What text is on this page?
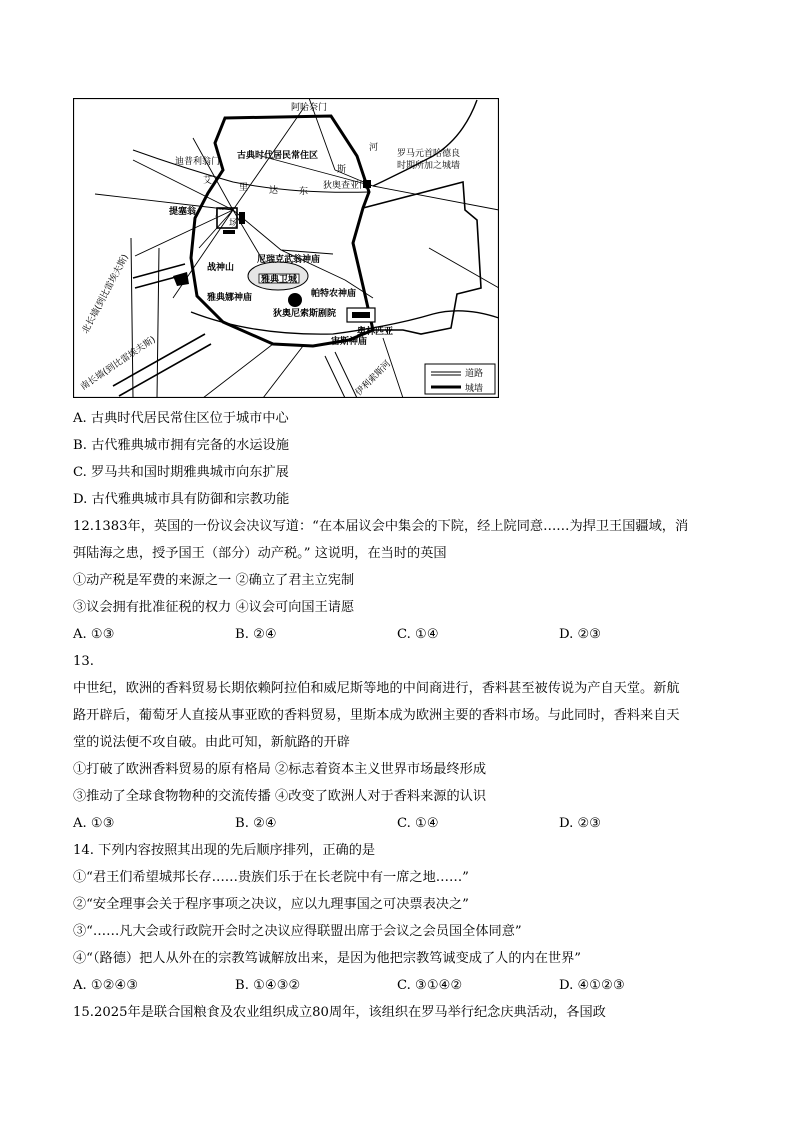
阿哈奈门
古典时代居民常住区
迪普利翁门
河
艾
里 达 东
斯
罗马元首哈德良
时期所加之城墙
狄奥查亚门
提塞翁 广
场
战神山
尼瑞克武翁神庙
雅典卫城
帕特农神庙
雅典娜神庙
狄奥尼索斯剧院
奥林匹亚
宙斯神庙
北长墙(到比雷埃夫斯)
南长墙(到比雷埃夫斯)	伊利索斯河	道路
城墙

A. 古典时代居民常住区位于城市中心

B. 古代雅典城市拥有完备的水运设施

C. 罗马共和国时期雅典城市向东扩展

D. 古代雅典城市具有防御和宗教功能

12.1383年，英国的一份议会决议写道：“在本届议会中集会的下院，经上院同意……为捍卫王国疆域，消

弭陆海之患，授予国王（部分）动产税。” 这说明，在当时的英国

①动产税是军费的来源之一 ②确立了君主立宪制

③议会拥有批准征税的权力 ④议会可向国王请愿

A. ①③	B. ②④	C. ①④	D. ②③

13.

中世纪，欧洲的香料贸易长期依赖阿拉伯和威尼斯等地的中间商进行，香料甚至被传说为产自天堂。新航

路开辟后，葡萄牙人直接从事亚欧的香料贸易，里斯本成为欧洲主要的香料市场。与此同时，香料来自天

堂的说法便不攻自破。由此可知，新航路的开辟

①打破了欧洲香料贸易的原有格局 ②标志着资本主义世界市场最终形成

③推动了全球食物物种的交流传播 ④改变了欧洲人对于香料来源的认识

A. ①③	B. ②④	C. ①④	D. ②③

14. 下列内容按照其出现的先后顺序排列，正确的是

①“君王们希望城邦长存……贵族们乐于在长老院中有一席之地……”

②“安全理事会关于程序事项之决议，应以九理事国之可决票表决之”

③“……凡大会或行政院开会时之决议应得联盟出席于会议之会员国全体同意”

④“（路德）把人从外在的宗教笃诚解放出来，是因为他把宗教笃诚变成了人的内在世界”

A. ①②④③	B. ①④③②	C. ③①④②	D. ④①②③

15.2025年是联合国粮食及农业组织成立80周年，该组织在罗马举行纪念庆典活动，各国政
